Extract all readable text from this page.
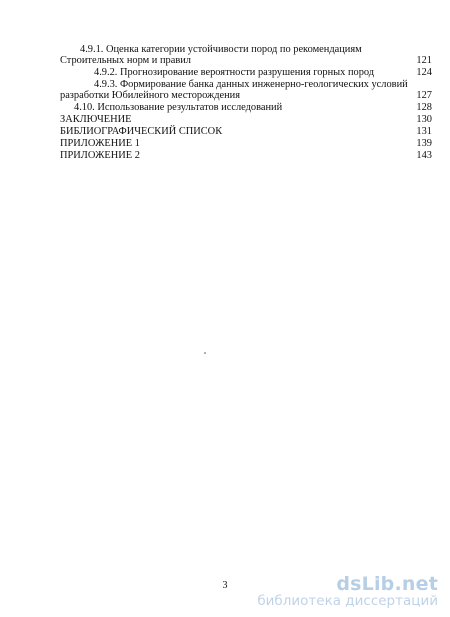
4.9.1. Оценка категории устойчивости пород по рекомендациям
Строительных норм и правил	121
4.9.2. Прогнозирование вероятности разрушения горных пород	124
4.9.3. Формирование банка данных инженерно-геологических условий
разработки Юбилейного месторождения	127
4.10. Использование результатов исследований	128
ЗАКЛЮЧЕНИЕ	130
БИБЛИОГРАФИЧЕСКИЙ СПИСОК	131
ПРИЛОЖЕНИЕ 1	139
ПРИЛОЖЕНИЕ 2	143
3	dsLib.net
библиотека диссертаций
